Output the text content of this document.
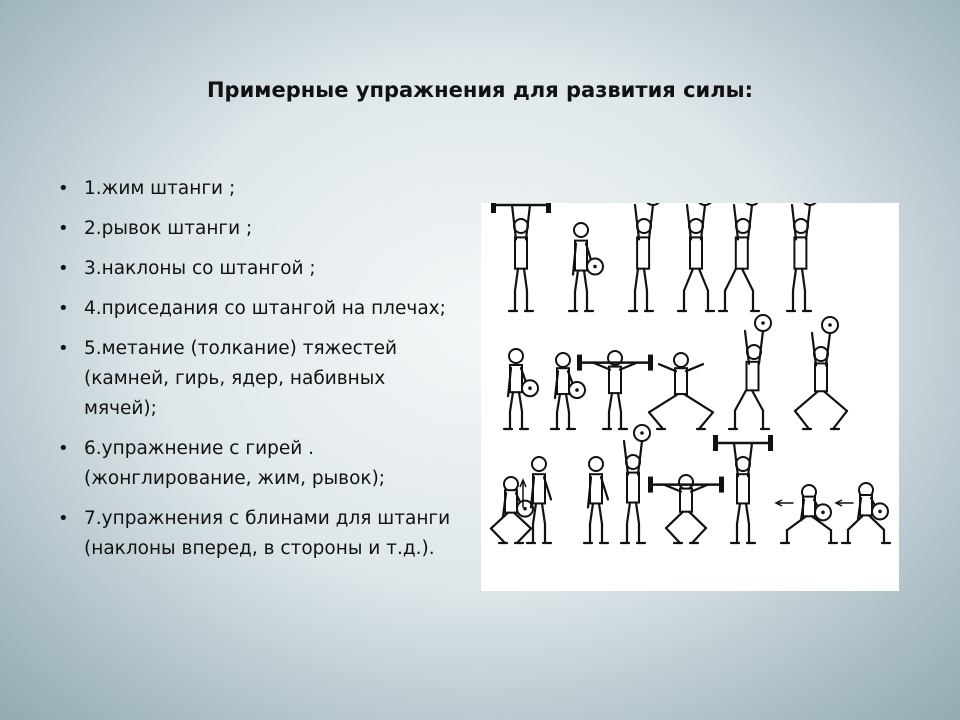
Примерные упражнения для развития силы:
• 1.жим штанги ;
• 2.рывок штанги ;
• 3.наклоны со штангой ;
• 4.приседания со штангой на плечах;
• 5.метание (толкание) тяжестей (камней, гирь, ядер, набивных мячей);
• 6.упражнение с гирей . (жонглирование, жим, рывок);
• 7.упражнения с блинами для штанги (наклоны вперед, в стороны и т.д.).
